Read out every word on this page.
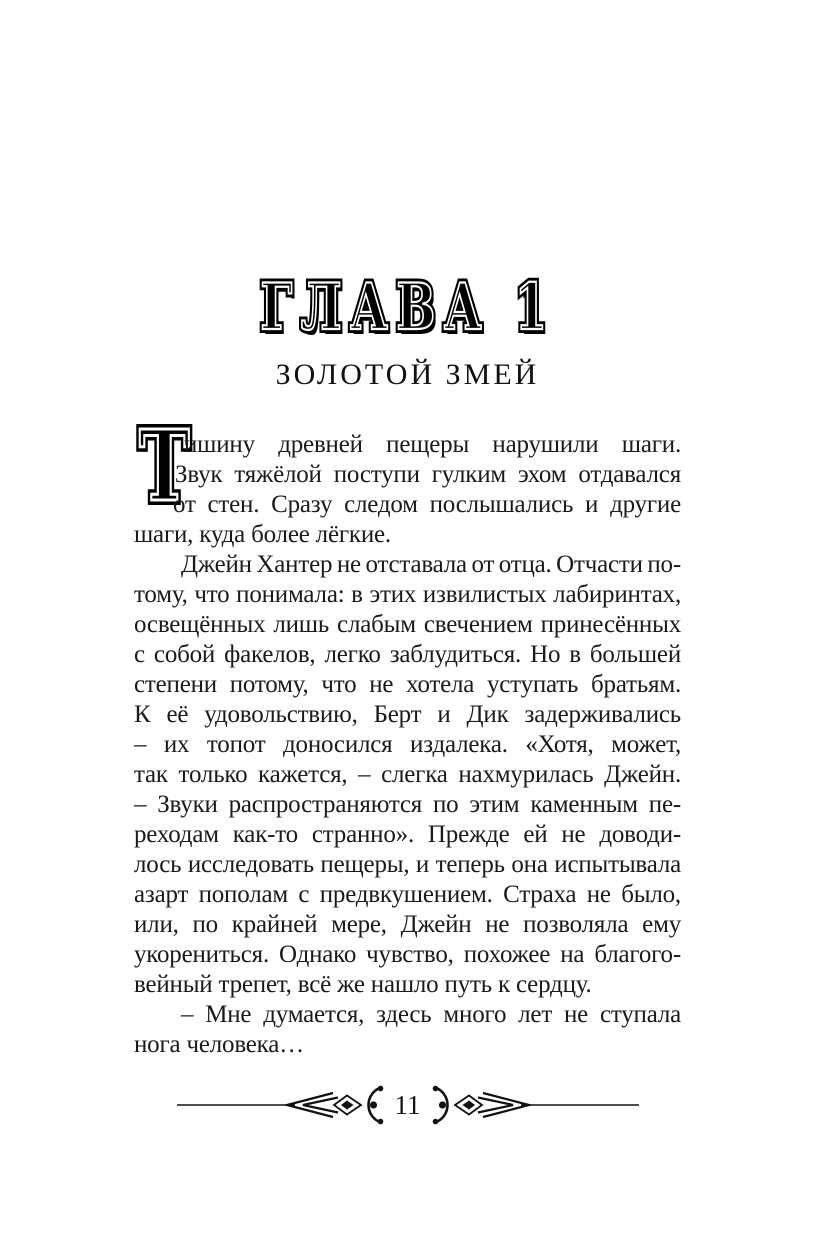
ГЛАВА 1 ГЛАВА 1
ЗОЛОТОЙ ЗМЕЙ
Т Т
ишину древней пещеры нарушили шаги.
Звук тяжёлой поступи гулким эхом отдавался
от стен. Сразу следом послышались и другие
шаги, куда более лёгкие.
Джейн Хантер не отставала от отца. Отчасти по-
тому, что понимала: в этих извилистых лабиринтах,
освещённых лишь слабым свечением принесённых
с собой факелов, легко заблудиться. Но в большей
степени потому, что не хотела уступать братьям.
К её удовольствию, Берт и Дик задерживались
– их топот доносился издалека. «Хотя, может,
так только кажется, – слегка нахмурилась Джейн.
– Звуки распространяются по этим каменным пе-
реходам как-то странно». Прежде ей не доводи-
лось исследовать пещеры, и теперь она испытывала
азарт пополам с предвкушением. Страха не было,
или, по крайней мере, Джейн не позволяла ему
укорениться. Однако чувство, похожее на благого-
вейный трепет, всё же нашло путь к сердцу.
– Мне думается, здесь много лет не ступала
нога человека…
11
